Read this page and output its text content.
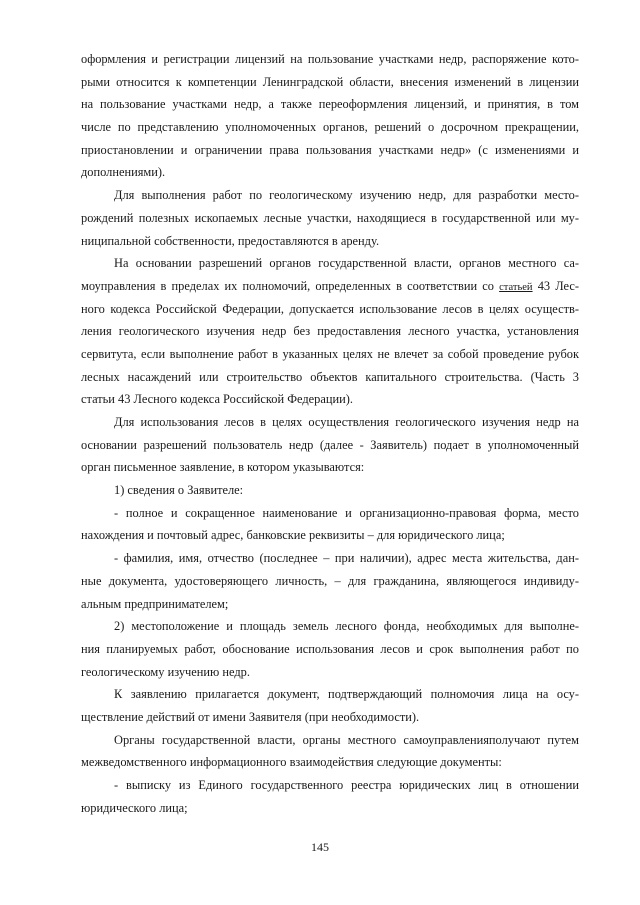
оформления и регистрации лицензий на пользование участками недр, распоряжение кото-
рыми относится к компетенции Ленинградской области, внесения изменений в лицензии
на пользование участками недр, а также переоформления лицензий, и принятия, в том
числе по представлению уполномоченных органов, решений о досрочном прекращении,
приостановлении и ограничении права пользования участками недр» (с изменениями и
дополнениями).
Для выполнения работ по геологическому изучению недр, для разработки место-
рождений полезных ископаемых лесные участки, находящиеся в государственной или му-
ниципальной собственности, предоставляются в аренду.
На основании разрешений органов государственной власти, органов местного са-
моуправления в пределах их полномочий, определенных в соответствии со статьей 43 Лес-
ного кодекса Российской Федерации, допускается использование лесов в целях осуществ-
ления геологического изучения недр без предоставления лесного участка, установления
сервитута, если выполнение работ в указанных целях не влечет за собой проведение рубок
лесных насаждений или строительство объектов капитального строительства. (Часть 3
статьи 43 Лесного кодекса Российской Федерации).
Для использования лесов в целях осуществления геологического изучения недр на
основании разрешений пользователь недр (далее - Заявитель) подает в уполномоченный
орган письменное заявление, в котором указываются:
1) сведения о Заявителе:
- полное и сокращенное наименование и организационно-правовая форма, место
нахождения и почтовый адрес, банковские реквизиты – для юридического лица;
- фамилия, имя, отчество (последнее – при наличии), адрес места жительства, дан-
ные документа, удостоверяющего личность, – для гражданина, являющегося индивиду-
альным предпринимателем;
2) местоположение и площадь земель лесного фонда, необходимых для выполне-
ния планируемых работ, обоснование использования лесов и срок выполнения работ по
геологическому изучению недр.
К заявлению прилагается документ, подтверждающий полномочия лица на осу-
ществление действий от имени Заявителя (при необходимости).
Органы государственной власти, органы местного самоуправленияполучают путем
межведомственного информационного взаимодействия следующие документы:
- выписку из Единого государственного реестра юридических лиц в отношении
юридического лица;
145
